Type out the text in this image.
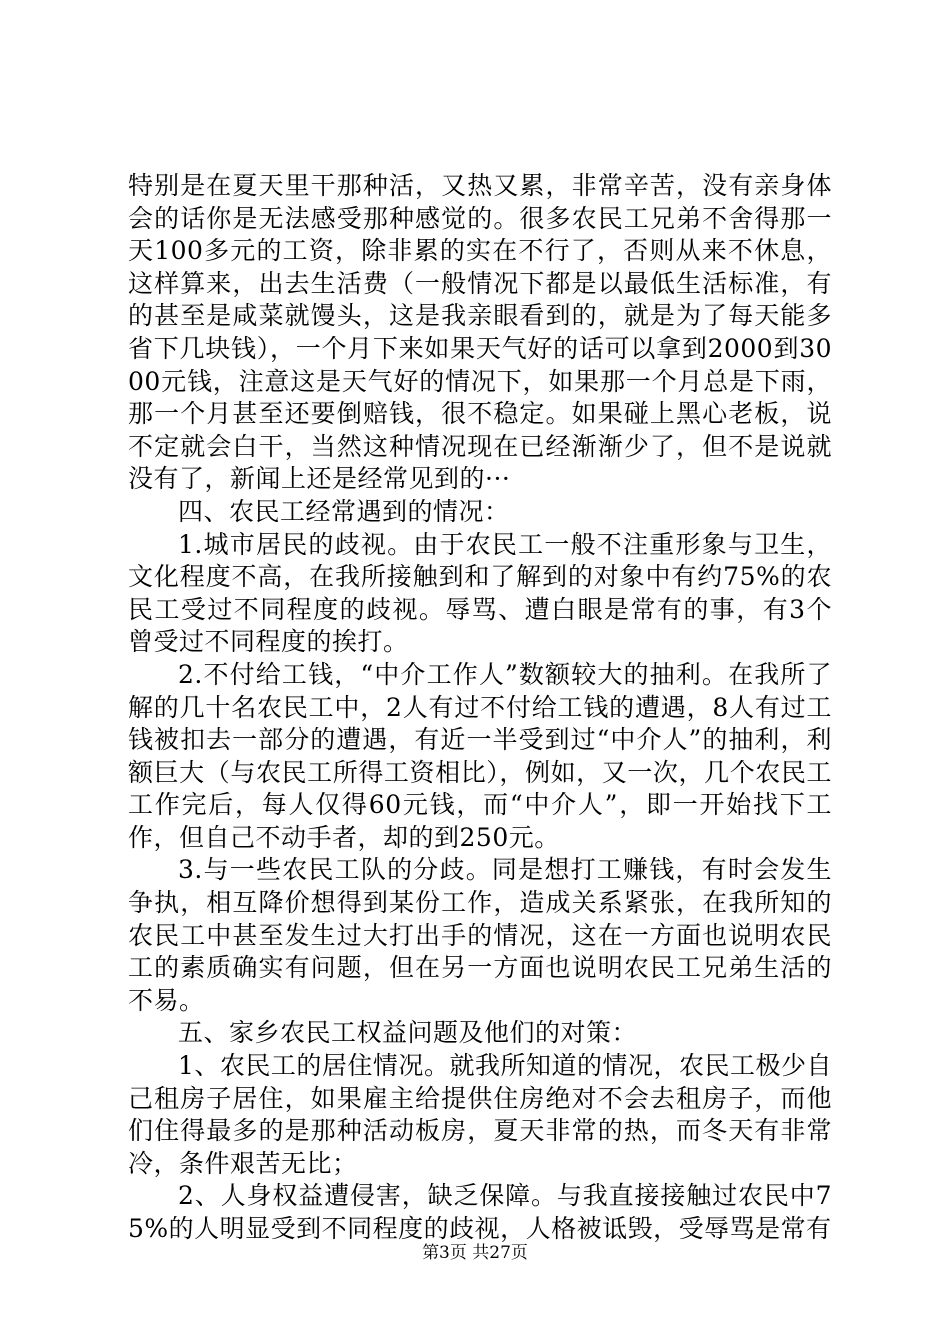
特别是在夏天里干那种活，又热又累，非常辛苦，没有亲身体会的话你是无法感受那种感觉的。很多农民工兄弟不舍得那一天100多元的工资，除非累的实在不行了，否则从来不休息，这样算来，出去生活费（一般情况下都是以最低生活标准，有的甚至是咸菜就馒头，这是我亲眼看到的，就是为了每天能多省下几块钱），一个月下来如果天气好的话可以拿到2000到3000元钱，注意这是天气好的情况下，如果那一个月总是下雨，那一个月甚至还要倒赔钱，很不稳定。如果碰上黑心老板，说不定就会白干，当然这种情况现在已经渐渐少了，但不是说就没有了，新闻上还是经常见到的···

四、农民工经常遇到的情况：

1.城市居民的歧视。由于农民工一般不注重形象与卫生，文化程度不高，在我所接触到和了解到的对象中有约75%的农民工受过不同程度的歧视。辱骂、遭白眼是常有的事，有3个曾受过不同程度的挨打。

2.不付给工钱，“中介工作人”数额较大的抽利。在我所了解的几十名农民工中，2人有过不付给工钱的遭遇，8人有过工钱被扣去一部分的遭遇，有近一半受到过“中介人”的抽利，利额巨大（与农民工所得工资相比），例如，又一次，几个农民工工作完后，每人仅得60元钱，而“中介人”，即一开始找下工作，但自己不动手者，却的到250元。

3.与一些农民工队的分歧。同是想打工赚钱，有时会发生争执，相互降价想得到某份工作，造成关系紧张，在我所知的农民工中甚至发生过大打出手的情况，这在一方面也说明农民工的素质确实有问题，但在另一方面也说明农民工兄弟生活的不易。

五、家乡农民工权益问题及他们的对策：

1、农民工的居住情况。就我所知道的情况，农民工极少自己租房子居住，如果雇主给提供住房绝对不会去租房子，而他们住得最多的是那种活动板房，夏天非常的热，而冬天有非常冷，条件艰苦无比；

2、人身权益遭侵害，缺乏保障。与我直接接触过农民中75%的人明显受到不同程度的歧视，人格被诋毁，受辱骂是常有

第3页 共27页
